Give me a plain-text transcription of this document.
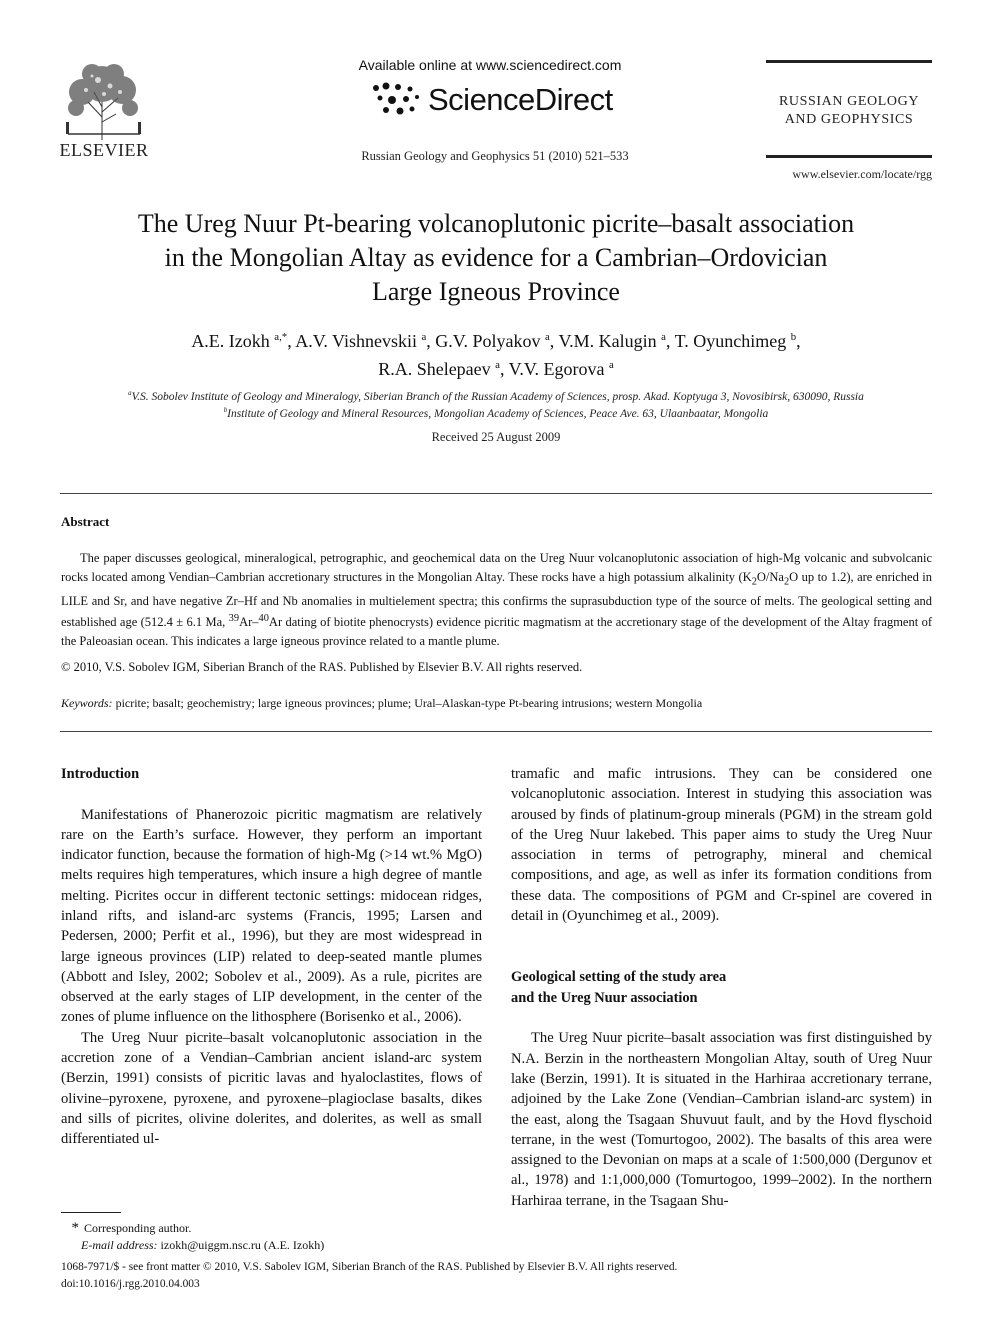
ELSEVIER
Available online at www.sciencedirect.com
ScienceDirect
Russian Geology and Geophysics 51 (2010) 521–533
RUSSIAN GEOLOGY
AND GEOPHYSICS
www.elsevier.com/locate/rgg
The Ureg Nuur Pt-bearing volcanoplutonic picrite–basalt association
in the Mongolian Altay as evidence for a Cambrian–Ordovician
Large Igneous Province
A.E. Izokh $^{a,*}$, A.V. Vishnevskii $^a$, G.V. Polyakov $^a$, V.M. Kalugin $^a$, T. Oyunchimeg $^b$,
R.A. Shelepaev $^a$, V.V. Egorova $^a$
$^a$V.S. Sobolev Institute of Geology and Mineralogy, Siberian Branch of the Russian Academy of Sciences, prosp. Akad. Koptyuga 3, Novosibirsk, 630090, Russia
$^b$Institute of Geology and Mineral Resources, Mongolian Academy of Sciences, Peace Ave. 63, Ulaanbaatar, Mongolia
Received 25 August 2009
Abstract

The paper discusses geological, mineralogical, petrographic, and geochemical data on the Ureg Nuur volcanoplutonic association of high-Mg volcanic and subvolcanic rocks located among Vendian–Cambrian accretionary structures in the Mongolian Altay. These rocks have a high potassium alkalinity ($K_2O/Na_2O$ up to 1.2), are enriched in LILE and Sr, and have negative Zr–Hf and Nb anomalies in multielement spectra; this confirms the suprasubduction type of the source of melts. The geological setting and established age (512.4 ± 6.1 Ma, $^{39}$Ar–$^{40}$Ar dating of biotite phenocrysts) evidence picritic magmatism at the accretionary stage of the development of the Altay fragment of the Paleoasian ocean. This indicates a large igneous province related to a mantle plume.

© 2010, V.S. Sobolev IGM, Siberian Branch of the RAS. Published by Elsevier B.V. All rights reserved.
Keywords: picrite; basalt; geochemistry; large igneous provinces; plume; Ural–Alaskan-type Pt-bearing intrusions; western Mongolia
Introduction

Manifestations of Phanerozoic picritic magmatism are relatively rare on the Earth’s surface. However, they perform an important indicator function, because the formation of high-Mg (>14 wt.% MgO) melts requires high temperatures, which insure a high degree of mantle melting. Picrites occur in different tectonic settings: midocean ridges, inland rifts, and island-arc systems (Francis, 1995; Larsen and Pedersen, 2000; Perfit et al., 1996), but they are most widespread in large igneous provinces (LIP) related to deep-seated mantle plumes (Abbott and Isley, 2002; Sobolev et al., 2009). As a rule, picrites are observed at the early stages of LIP development, in the center of the zones of plume influence on the lithosphere (Borisenko et al., 2006).

The Ureg Nuur picrite–basalt volcanoplutonic association in the accretion zone of a Vendian–Cambrian ancient island-arc system (Berzin, 1991) consists of picritic lavas and hyaloclastites, flows of olivine–pyroxene, pyroxene, and pyroxene–plagioclase basalts, dikes and sills of picrites, olivine dolerites, and dolerites, as well as small differentiated ul-

tramafic and mafic intrusions. They can be considered one volcanoplutonic association. Interest in studying this association was aroused by finds of platinum-group minerals (PGM) in the stream gold of the Ureg Nuur lakebed. This paper aims to study the Ureg Nuur association in terms of petrography, mineral and chemical compositions, and age, as well as infer its formation conditions from these data. The compositions of PGM and Cr-spinel are covered in detail in (Oyunchimeg et al., 2009).

Geological setting of the study area
and the Ureg Nuur association

The Ureg Nuur picrite–basalt association was first distinguished by N.A. Berzin in the northeastern Mongolian Altay, south of Ureg Nuur lake (Berzin, 1991). It is situated in the Harhiraa accretionary terrane, adjoined by the Lake Zone (Vendian–Cambrian island-arc system) in the east, along the Tsagaan Shuvuut fault, and by the Hovd flyschoid terrane, in the west (Tomurtogoo, 2002). The basalts of this area were assigned to the Devonian on maps at a scale of 1:500,000 (Dergunov et al., 1978) and 1:1,000,000 (Tomurtogoo, 1999–2002). In the northern Harhiraa terrane, in the Tsagaan Shu-

* Corresponding author.
E-mail address: izokh@uiggm.nsc.ru (A.E. Izokh)
1068-7971/$ - see front matter © 2010, V.S. Sabolev IGM, Siberian Branch of the RAS. Published by Elsevier B.V. All rights reserved.
doi:10.1016/j.rgg.2010.04.003
